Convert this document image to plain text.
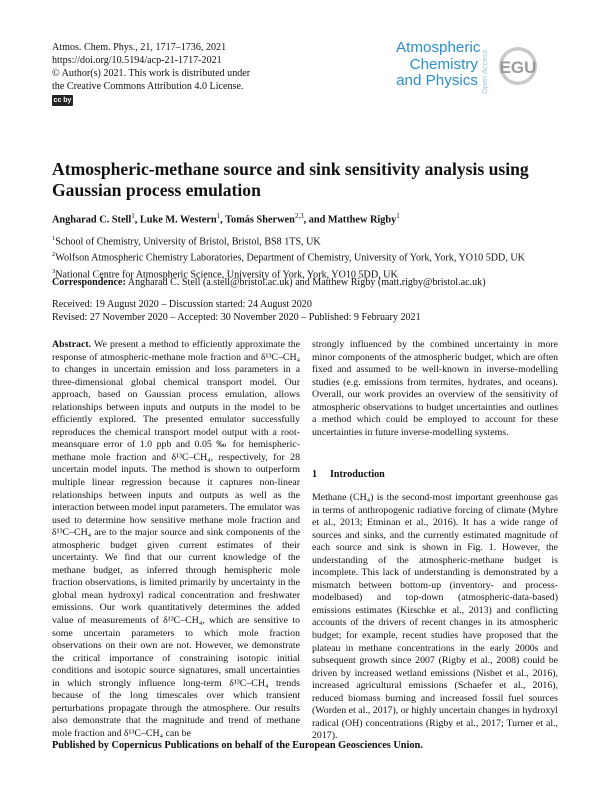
Atmos. Chem. Phys., 21, 1717–1736, 2021
https://doi.org/10.5194/acp-21-1717-2021
© Author(s) 2021. This work is distributed under
the Creative Commons Attribution 4.0 License.
cc by
Atmospheric
Chemistry
and Physics Open Access EGU
Atmospheric-methane source and sink sensitivity analysis using Gaussian process emulation
Angharad C. Stell$^1$, Luke M. Western$^1$, Tomás Sherwen$^{2,3}$, and Matthew Rigby$^1$
$^1$School of Chemistry, University of Bristol, Bristol, BS8 1TS, UK
$^2$Wolfson Atmospheric Chemistry Laboratories, Department of Chemistry, University of York, York, YO10 5DD, UK
$^3$National Centre for Atmospheric Science, University of York, York, YO10 5DD, UK
Correspondence: Angharad C. Stell (a.stell@bristol.ac.uk) and Matthew Rigby (matt.rigby@bristol.ac.uk)
Received: 19 August 2020 – Discussion started: 24 August 2020
Revised: 27 November 2020 – Accepted: 30 November 2020 – Published: 9 February 2021
Abstract. We present a method to efficiently approximate the response of atmospheric-methane mole fraction and δ¹³C–CH₄ to changes in uncertain emission and loss parameters in a three-dimensional global chemical transport model. Our approach, based on Gaussian process emulation, allows relationships between inputs and outputs in the model to be efficiently explored. The presented emulator successfully reproduces the chemical transport model output with a root-meansquare error of 1.0 ppb and 0.05 ‰ for hemispheric-methane mole fraction and δ¹³C–CH₄, respectively, for 28 uncertain model inputs. The method is shown to outperform multiple linear regression because it captures non-linear relationships between inputs and outputs as well as the interaction between model input parameters. The emulator was used to determine how sensitive methane mole fraction and δ¹³C–CH₄ are to the major source and sink components of the atmospheric budget given current estimates of their uncertainty. We find that our current knowledge of the methane budget, as inferred through hemispheric mole fraction observations, is limited primarily by uncertainty in the global mean hydroxyl radical concentration and freshwater emissions. Our work quantitatively determines the added value of measurements of δ¹³C–CH₄, which are sensitive to some uncertain parameters to which mole fraction observations on their own are not. However, we demonstrate the critical importance of constraining isotopic initial conditions and isotopic source signatures, small uncertainties in which strongly influence long-term δ¹³C–CH₄ trends because of the long timescales over which transient perturbations propagate through the atmosphere. Our results also demonstrate that the magnitude and trend of methane mole fraction and δ¹³C–CH₄ can be
strongly influenced by the combined uncertainty in more minor components of the atmospheric budget, which are often fixed and assumed to be well-known in inverse-modelling studies (e.g. emissions from termites, hydrates, and oceans). Overall, our work provides an overview of the sensitivity of atmospheric observations to budget uncertainties and outlines a method which could be employed to account for these uncertainties in future inverse-modelling systems.
1 Introduction
Methane (CH₄) is the second-most important greenhouse gas in terms of anthropogenic radiative forcing of climate (Myhre et al., 2013; Etminan et al., 2016). It has a wide range of sources and sinks, and the currently estimated magnitude of each source and sink is shown in Fig. 1. However, the understanding of the atmospheric-methane budget is incomplete. This lack of understanding is demonstrated by a mismatch between bottom-up (inventory- and process-modelbased) and top-down (atmospheric-data-based) emissions estimates (Kirschke et al., 2013) and conflicting accounts of the drivers of recent changes in its atmospheric budget; for example, recent studies have proposed that the plateau in methane concentrations in the early 2000s and subsequent growth since 2007 (Rigby et al., 2008) could be driven by increased wetland emissions (Nisbet et al., 2016), increased agricultural emissions (Schaefer et al., 2016), reduced biomass burning and increased fossil fuel sources (Worden et al., 2017), or highly uncertain changes in hydroxyl radical (OH) concentrations (Rigby et al., 2017; Turner et al., 2017).
Published by Copernicus Publications on behalf of the European Geosciences Union.
